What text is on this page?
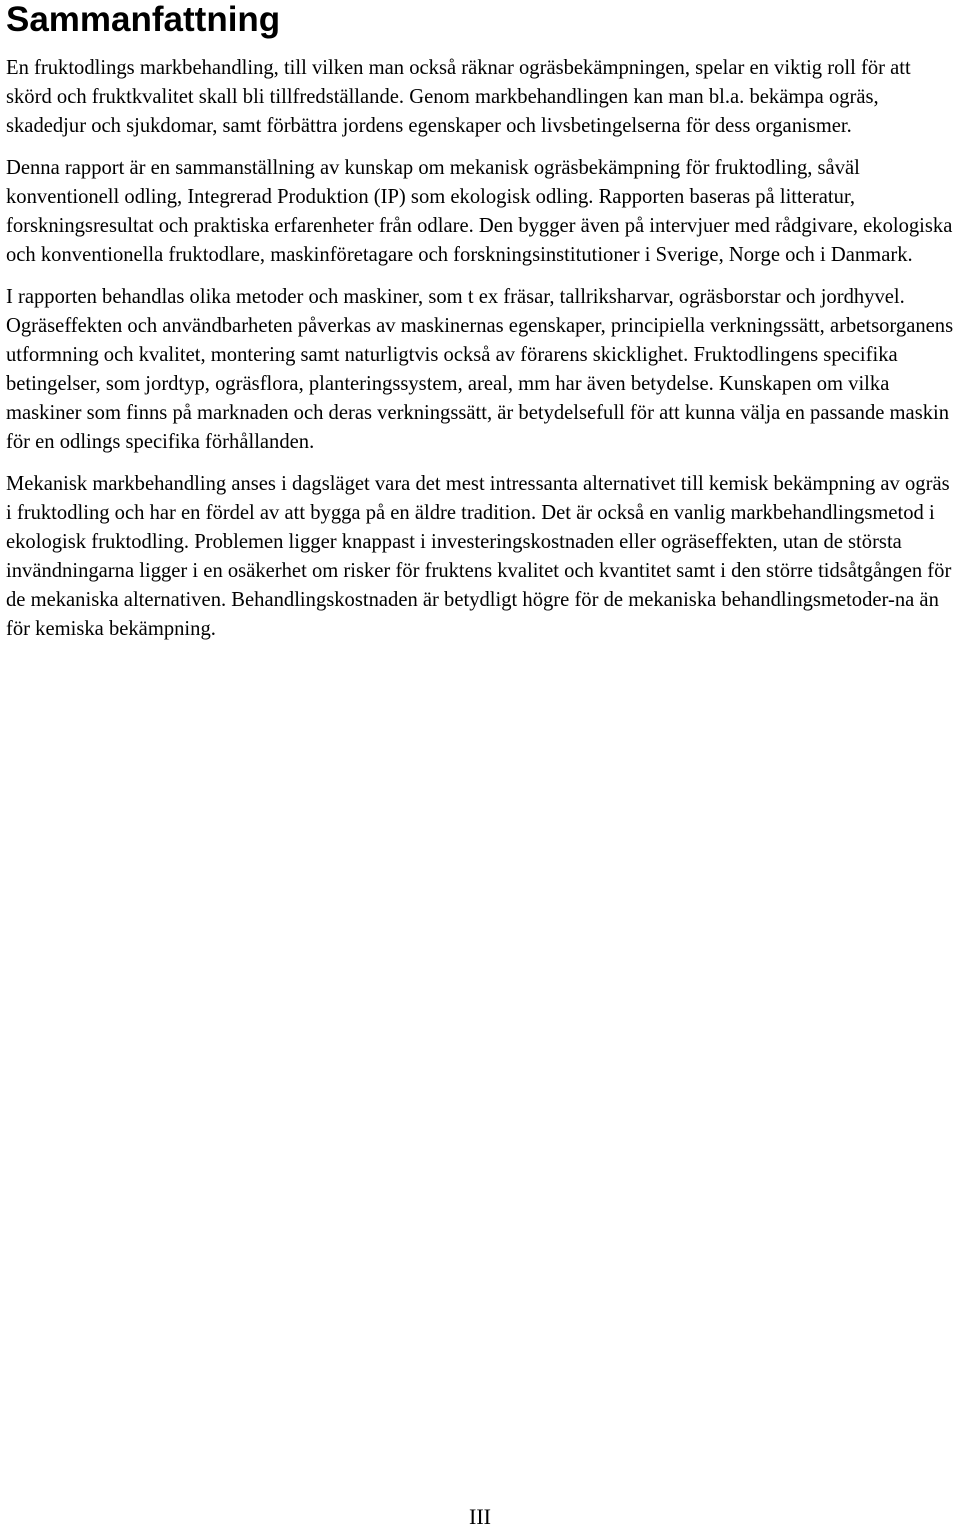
Sammanfattning

En fruktodlings markbehandling, till vilken man också räknar ogräsbekämpningen, spelar en viktig roll för att skörd och fruktkvalitet skall bli tillfredställande. Genom markbehandlingen kan man bl.a. bekämpa ogräs, skadedjur och sjukdomar, samt förbättra jordens egenskaper och livsbetingelserna för dess organismer.

Denna rapport är en sammanställning av kunskap om mekanisk ogräsbekämpning för fruktodling, såväl konventionell odling, Integrerad Produktion (IP) som ekologisk odling. Rapporten baseras på litteratur, forskningsresultat och praktiska erfarenheter från odlare. Den bygger även på intervjuer med rådgivare, ekologiska och konventionella fruktodlare, maskinföretagare och forskningsinstitutioner i Sverige, Norge och i Danmark.

I rapporten behandlas olika metoder och maskiner, som t ex fräsar, tallriksharvar, ogräsborstar och jordhyvel. Ogräseffekten och användbarheten påverkas av maskinernas egenskaper, principiella verkningssätt, arbetsorganens utformning och kvalitet, montering samt naturligtvis också av förarens skicklighet. Fruktodlingens specifika betingelser, som jordtyp, ogräsflora, planteringssystem, areal, mm har även betydelse. Kunskapen om vilka maskiner som finns på marknaden och deras verkningssätt, är betydelsefull för att kunna välja en passande maskin för en odlings specifika förhållanden.

Mekanisk markbehandling anses i dagsläget vara det mest intressanta alternativet till kemisk bekämpning av ogräs i fruktodling och har en fördel av att bygga på en äldre tradition. Det är också en vanlig markbehandlingsmetod i ekologisk fruktodling. Problemen ligger knappast i investeringskostnaden eller ogräseffekten, utan de största invändningarna ligger i en osäkerhet om risker för fruktens kvalitet och kvantitet samt i den större tidsåtgången för de mekaniska alternativen. Behandlingskostnaden är betydligt högre för de mekaniska behandlingsmetoder-na än för kemiska bekämpning.

III
